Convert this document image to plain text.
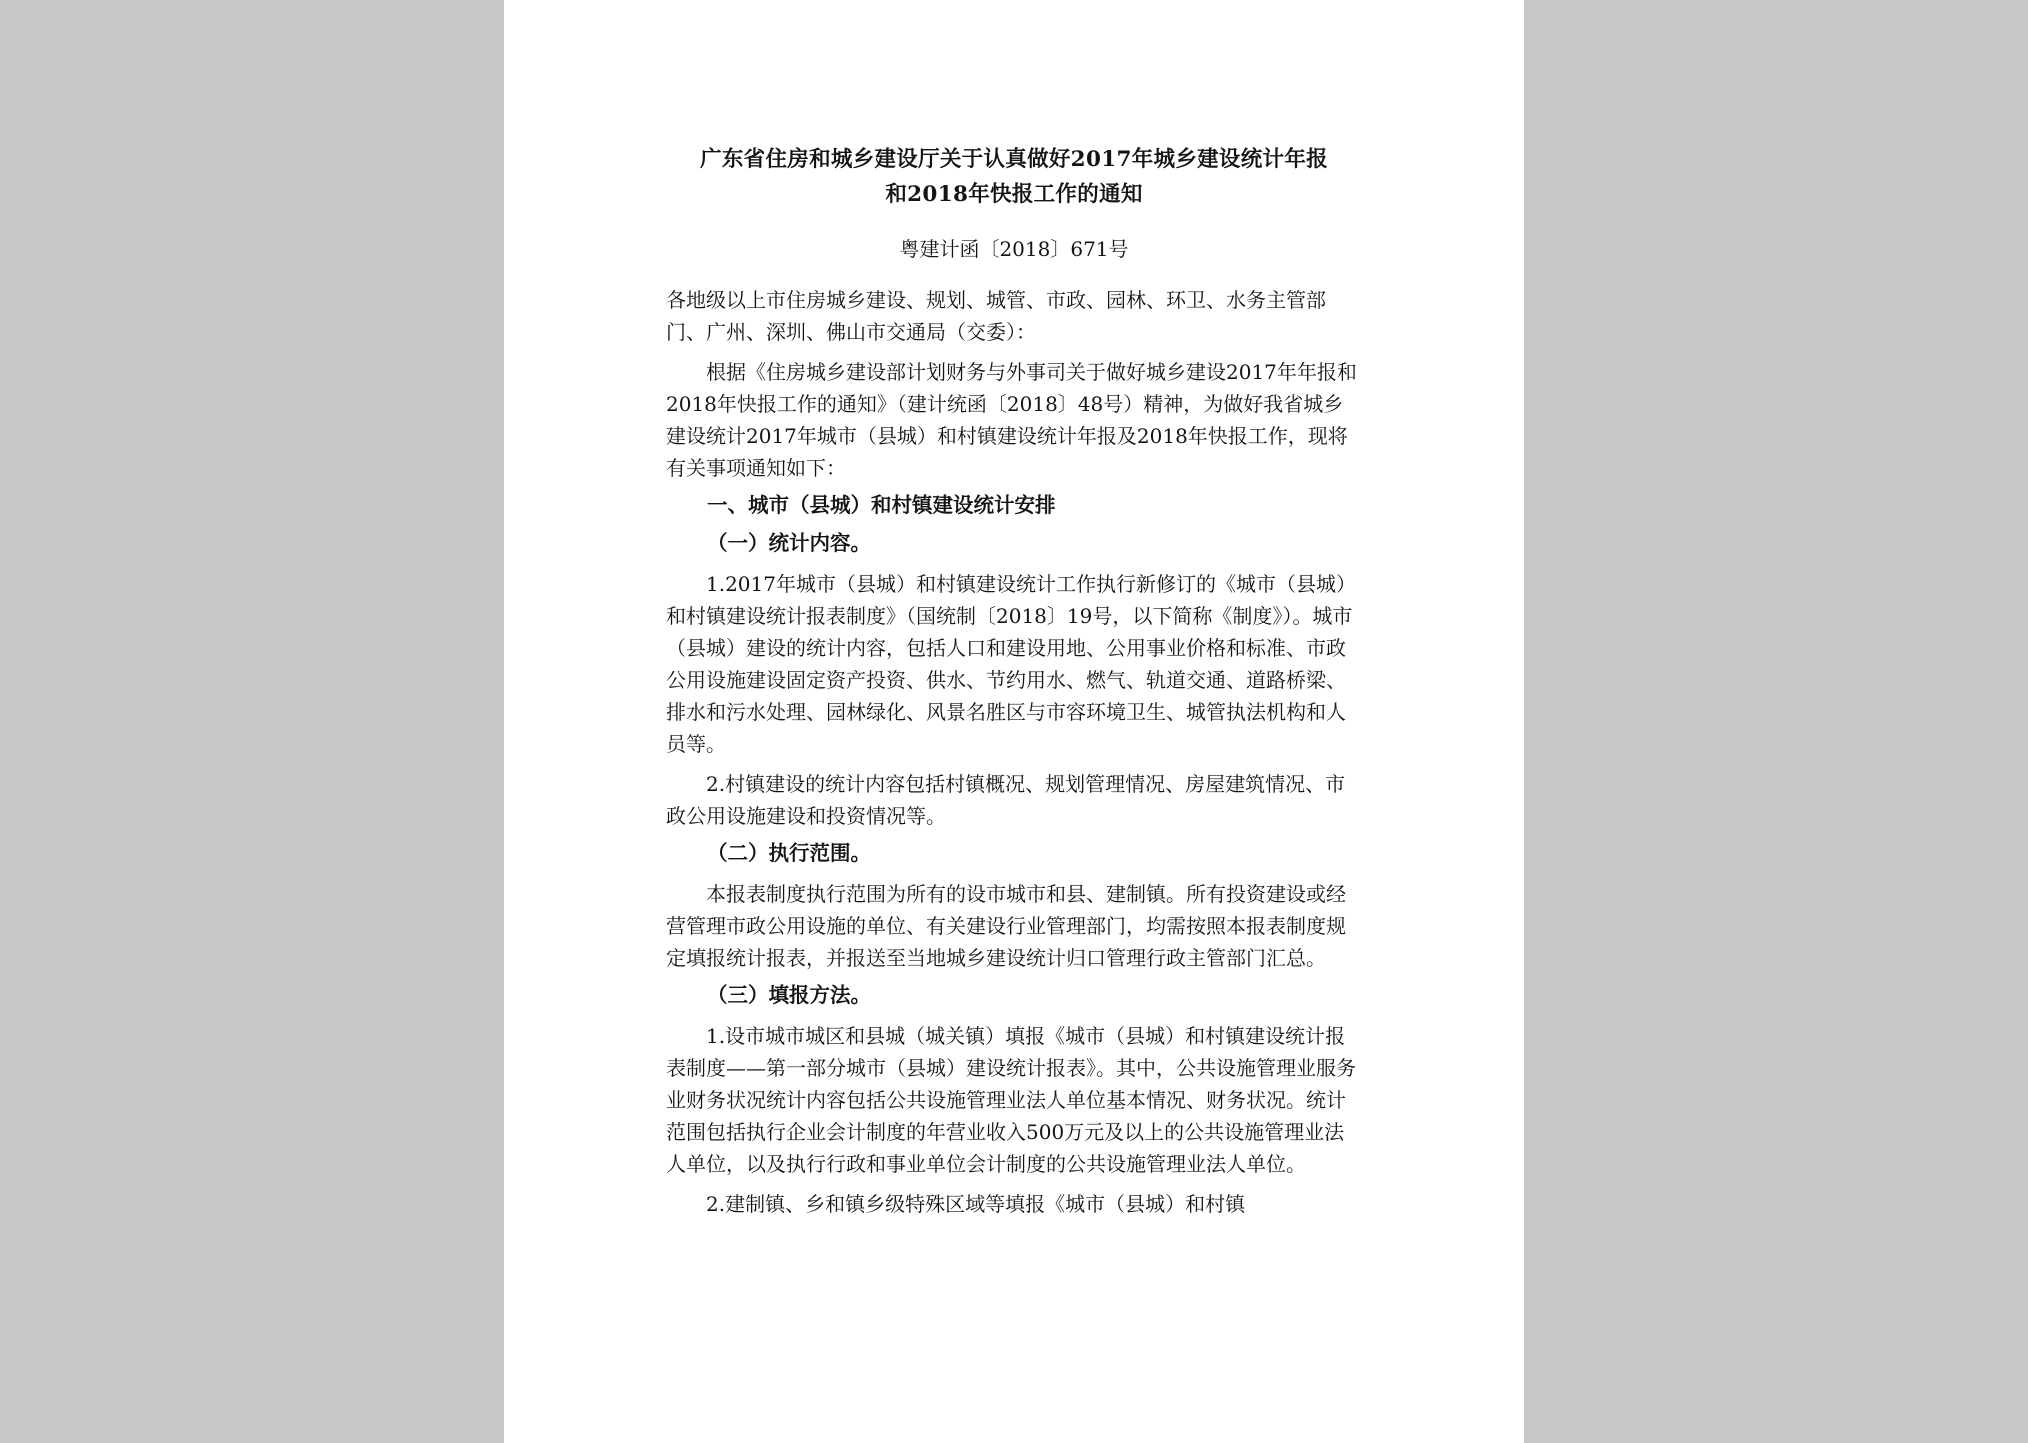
广东省住房和城乡建设厅关于认真做好2017年城乡建设统计年报
和2018年快报工作的通知

粤建计函〔2018〕671号

各地级以上市住房城乡建设、规划、城管、市政、园林、环卫、水务主管部门、广州、深圳、佛山市交通局（交委）：

根据《住房城乡建设部计划财务与外事司关于做好城乡建设2017年年报和2018年快报工作的通知》（建计统函〔2018〕48号）精神，为做好我省城乡建设统计2017年城市（县城）和村镇建设统计年报及2018年快报工作，现将有关事项通知如下：

一、城市（县城）和村镇建设统计安排

（一）统计内容。

1.2017年城市（县城）和村镇建设统计工作执行新修订的《城市（县城）和村镇建设统计报表制度》（国统制〔2018〕19号，以下简称《制度》）。城市（县城）建设的统计内容，包括人口和建设用地、公用事业价格和标准、市政公用设施建设固定资产投资、供水、节约用水、燃气、轨道交通、道路桥梁、排水和污水处理、园林绿化、风景名胜区与市容环境卫生、城管执法机构和人员等。

2.村镇建设的统计内容包括村镇概况、规划管理情况、房屋建筑情况、市政公用设施建设和投资情况等。

（二）执行范围。

本报表制度执行范围为所有的设市城市和县、建制镇。所有投资建设或经营管理市政公用设施的单位、有关建设行业管理部门，均需按照本报表制度规定填报统计报表，并报送至当地城乡建设统计归口管理行政主管部门汇总。

（三）填报方法。

1.设市城市城区和县城（城关镇）填报《城市（县城）和村镇建设统计报表制度——第一部分城市（县城）建设统计报表》。其中，公共设施管理业服务业财务状况统计内容包括公共设施管理业法人单位基本情况、财务状况。统计范围包括执行企业会计制度的年营业收入500万元及以上的公共设施管理业法人单位，以及执行行政和事业单位会计制度的公共设施管理业法人单位。

2.建制镇、乡和镇乡级特殊区域等填报《城市（县城）和村镇
